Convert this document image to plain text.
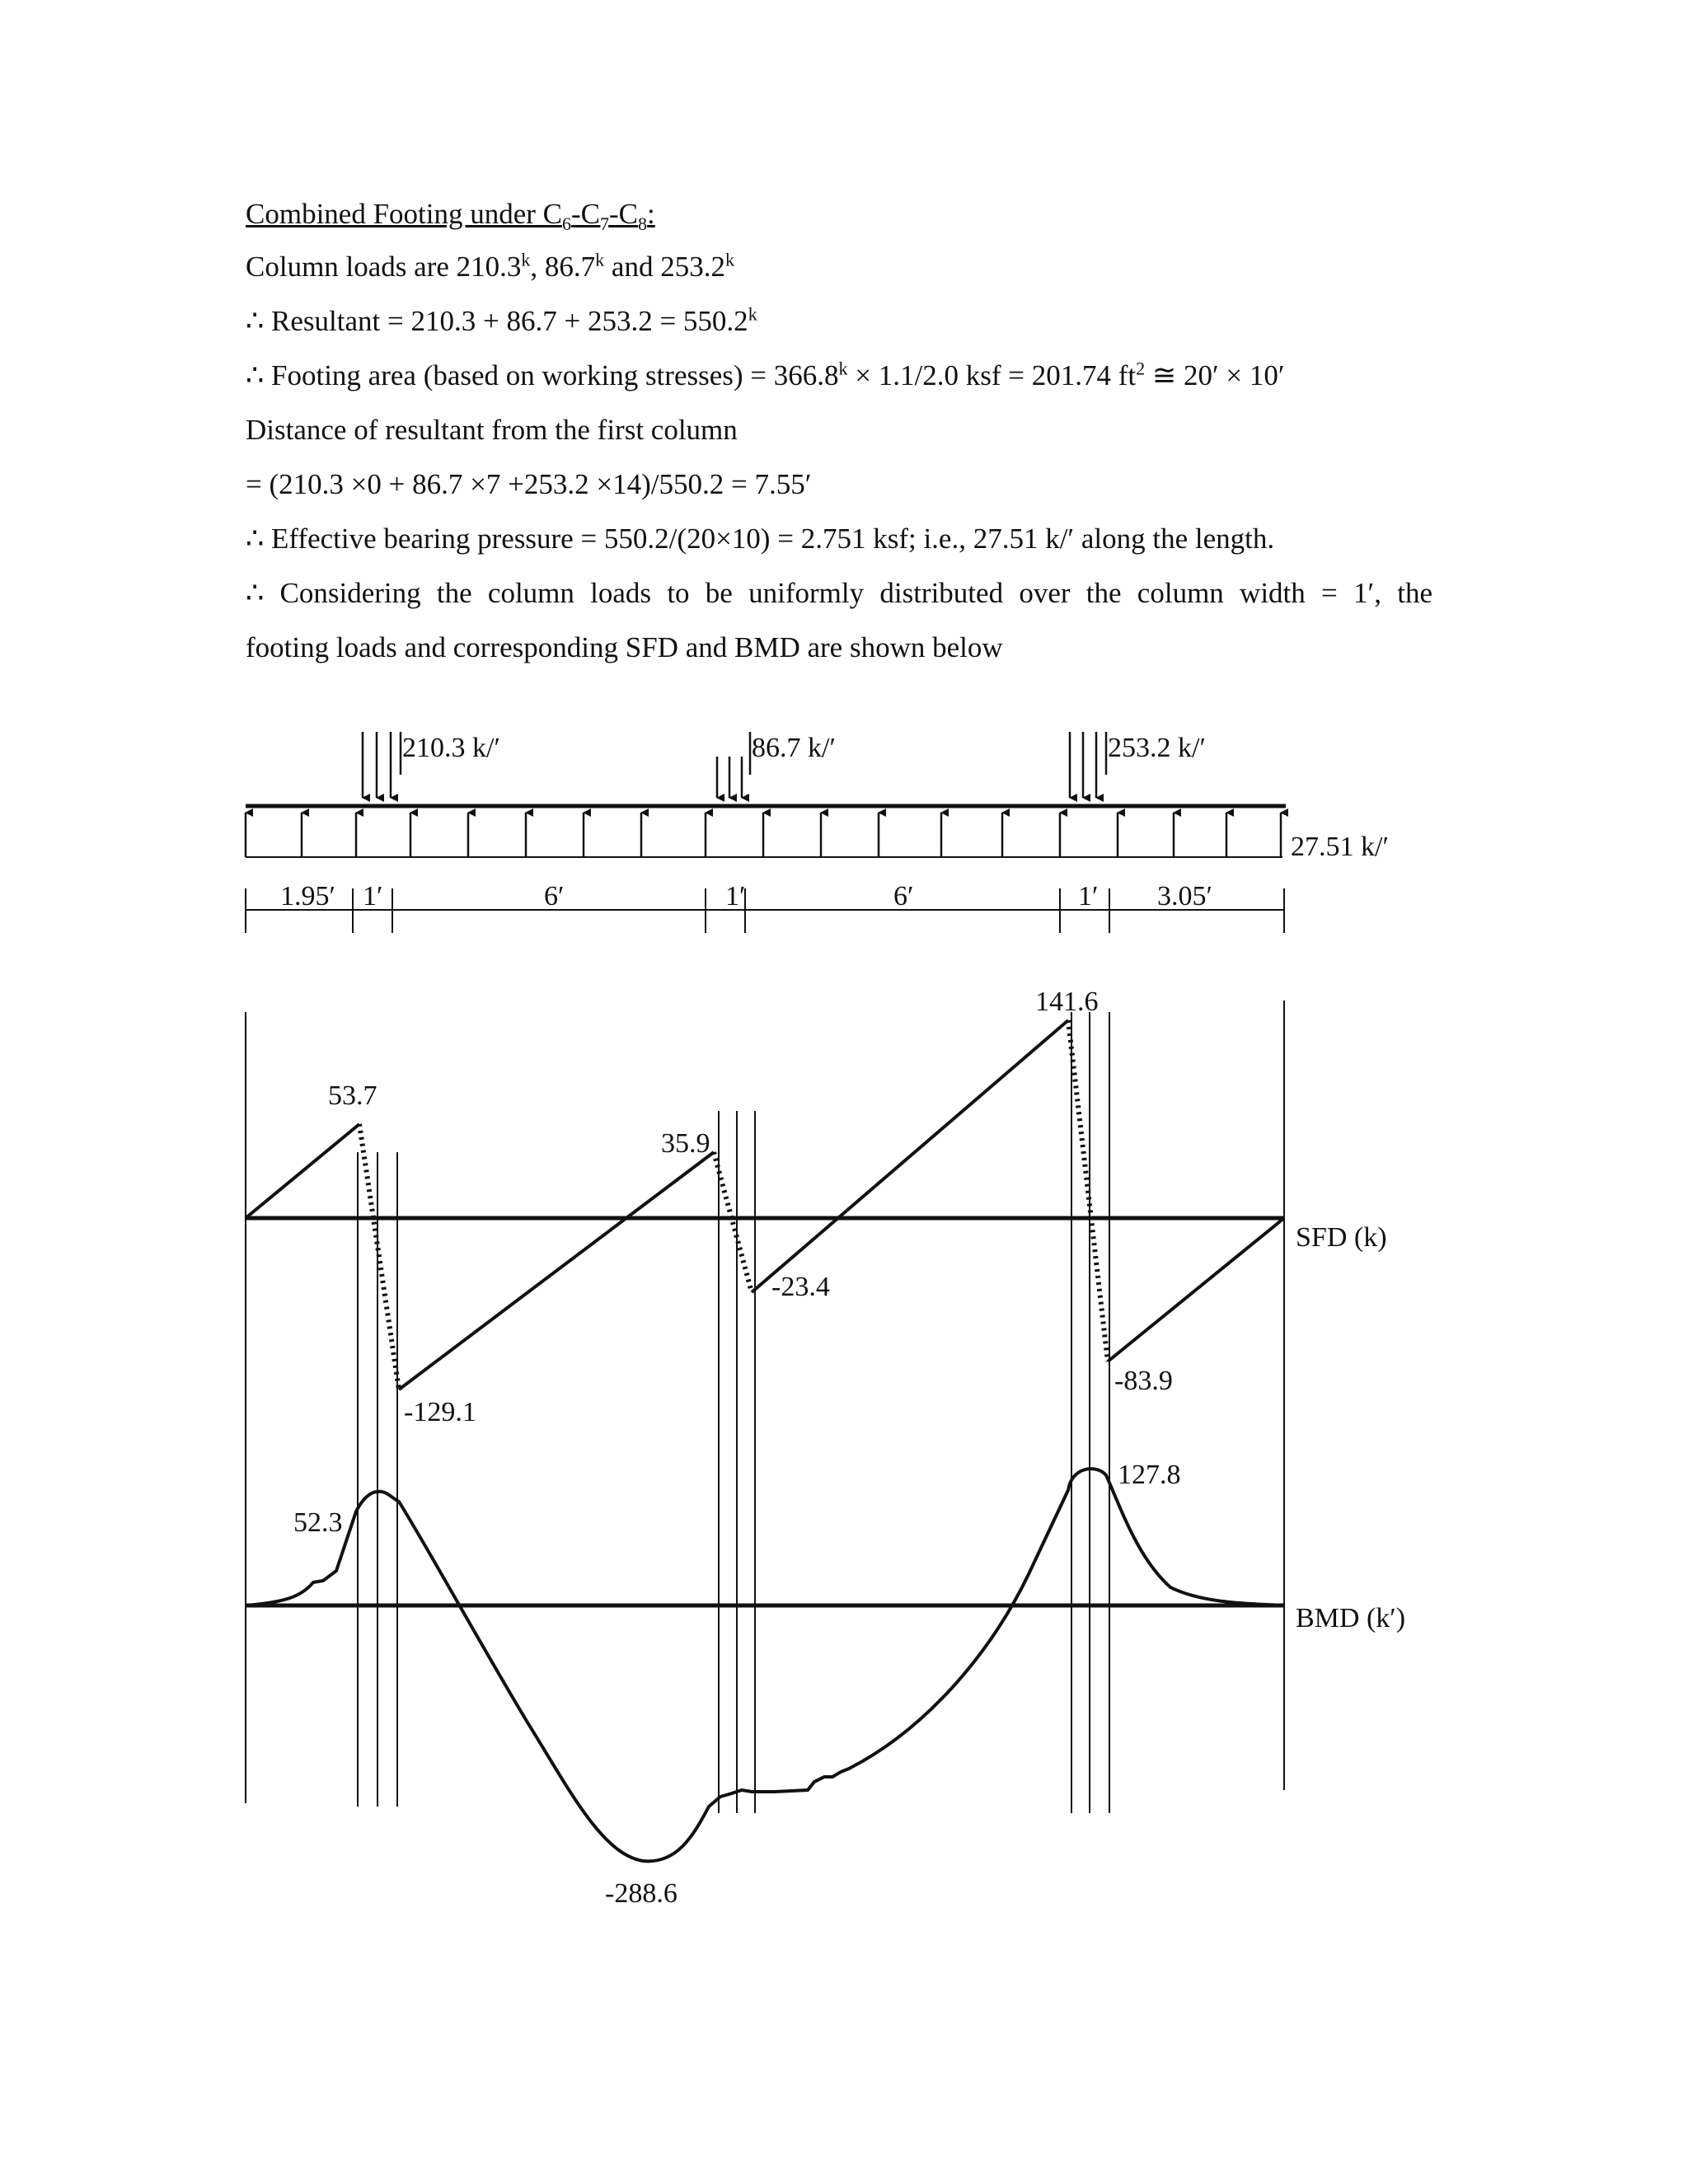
Combined Footing under $C_6-C_7-C_8$:
Column loads are 210.3$^k$, 86.7$^k$ and 253.2$^k$
∴ Resultant = $210.3 + 86.7 + 253.2 = 550.2^k$
∴ Footing area (based on working stresses) = $366.8^k \times 1.1/2.0$ ksf = 201.74 $ft^2$ ≅ 20′ × 10′
Distance of resultant from the first column
= (210.3 ×0 + 86.7 ×7 +253.2 ×14)/550.2 = 7.55′
∴ Effective bearing pressure = 550.2/(20×10) = 2.751 ksf; i.e., 27.51 k/′ along the length.
∴ Considering the column loads to be uniformly distributed over the column width = 1′, the
footing loads and corresponding SFD and BMD are shown below
210.3 k/′	86.7 k/′	253.2 k/′
27.51 k/′
1.95′ 1′	6′	1′	6′	1′ 3.05′
53.7
-129.1
35.9
-23.4
141.6
-83.9
SFD (k)
52.3
-288.6
127.8
BMD (k′)
